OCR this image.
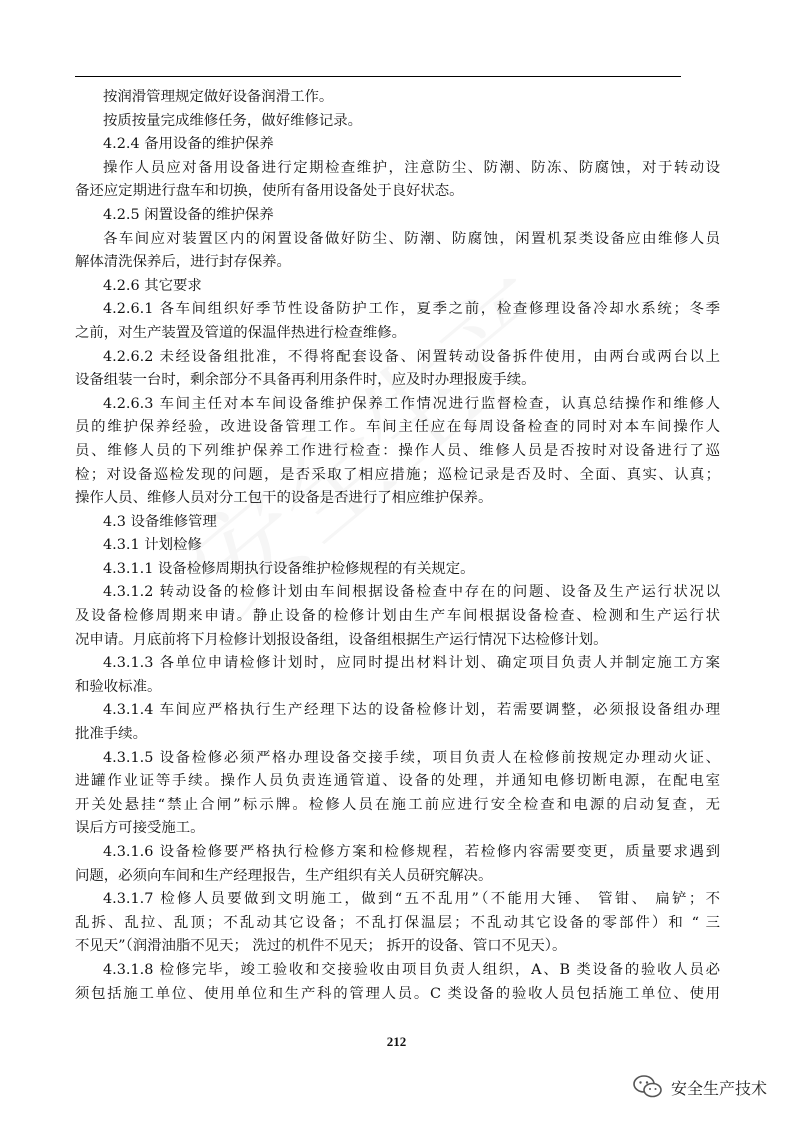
按润滑管理规定做好设备润滑工作。
按质按量完成维修任务，做好维修记录。
4.2.4 备用设备的维护保养
操作人员应对备用设备进行定期检查维护，注意防尘、防潮、防冻、防腐蚀，对于转动设
备还应定期进行盘车和切换，使所有备用设备处于良好状态。
4.2.5 闲置设备的维护保养
各车间应对装置区内的闲置设备做好防尘、防潮、防腐蚀，闲置机泵类设备应由维修人员
解体清洗保养后，进行封存保养。
4.2.6 其它要求
4.2.6.1 各车间组织好季节性设备防护工作，夏季之前，检查修理设备冷却水系统；冬季
之前，对生产装置及管道的保温伴热进行检查维修。
4.2.6.2 未经设备组批准，不得将配套设备、闲置转动设备拆件使用，由两台或两台以上
设备组装一台时，剩余部分不具备再利用条件时，应及时办理报废手续。
4.2.6.3 车间主任对本车间设备维护保养工作情况进行监督检查，认真总结操作和维修人
员的维护保养经验，改进设备管理工作。车间主任应在每周设备检查的同时对本车间操作人
员、维修人员的下列维护保养工作进行检查：操作人员、维修人员是否按时对设备进行了巡
检；对设备巡检发现的问题，是否采取了相应措施；巡检记录是否及时、全面、真实、认真；
操作人员、维修人员对分工包干的设备是否进行了相应维护保养。
4.3 设备维修管理
4.3.1 计划检修
4.3.1.1 设备检修周期执行设备维护检修规程的有关规定。
4.3.1.2 转动设备的检修计划由车间根据设备检查中存在的问题、设备及生产运行状况以
及设备检修周期来申请。静止设备的检修计划由生产车间根据设备检查、检测和生产运行状
况申请。月底前将下月检修计划报设备组，设备组根据生产运行情况下达检修计划。
4.3.1.3 各单位申请检修计划时，应同时提出材料计划、确定项目负责人并制定施工方案
和验收标准。
4.3.1.4 车间应严格执行生产经理下达的设备检修计划，若需要调整，必须报设备组办理
批准手续。
4.3.1.5 设备检修必须严格办理设备交接手续，项目负责人在检修前按规定办理动火证、
进罐作业证等手续。操作人员负责连通管道、设备的处理，并通知电修切断电源，在配电室
开关处悬挂“禁止合闸”标示牌。检修人员在施工前应进行安全检查和电源的启动复查，无
误后方可接受施工。
4.3.1.6 设备检修要严格执行检修方案和检修规程，若检修内容需要变更，质量要求遇到
问题，必须向车间和生产经理报告，生产组织有关人员研究解决。
4.3.1.7 检修人员要做到文明施工，做到“五不乱用”（不能用大锤、 管钳、 扁铲；不
乱拆、乱拉、乱顶；不乱动其它设备；不乱打保温层；不乱动其它设备的零部件）和 “ 三
不见天”（润滑油脂不见天； 洗过的机件不见天； 拆开的设备、管口不见天）。
4.3.1.8 检修完毕，竣工验收和交接验收由项目负责人组织，A、B 类设备的验收人员必
须包括施工单位、使用单位和生产科的管理人员。C 类设备的验收人员包括施工单位、使用
212
安全生产技术
